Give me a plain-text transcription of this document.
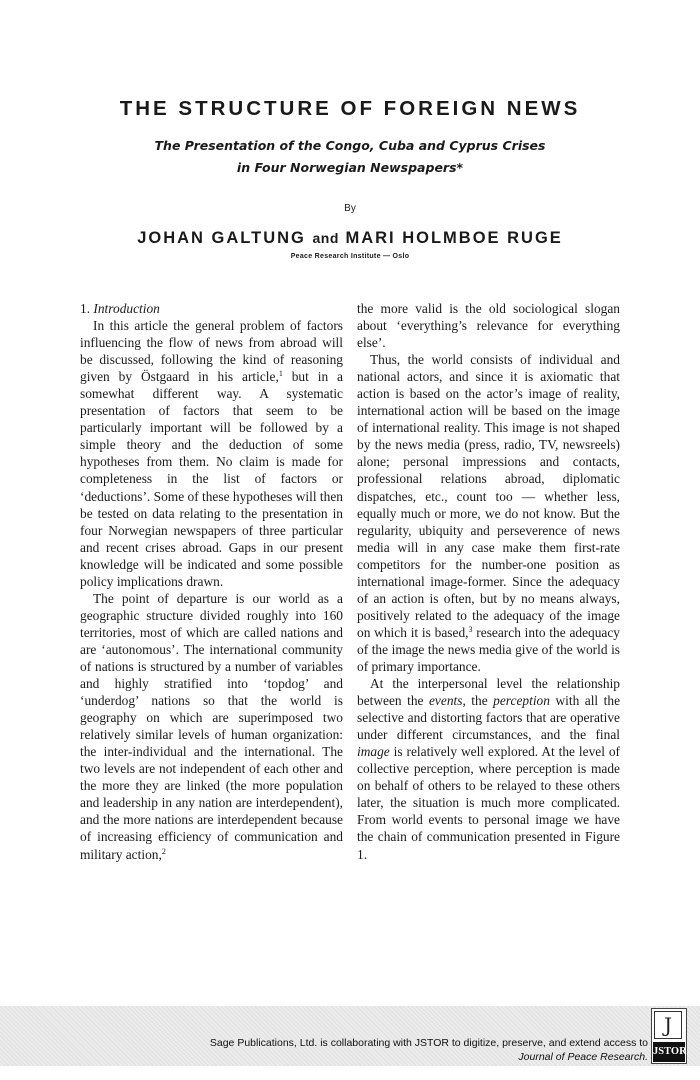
THE STRUCTURE OF FOREIGN NEWS
The Presentation of the Congo, Cuba and Cyprus Crises
in Four Norwegian Newspapers*
By
JOHAN GALTUNG and MARI HOLMBOE RUGE
Peace Research Institute — Oslo

1. Introduction

In this article the general problem of factors influencing the flow of news from abroad will be discussed, following the kind of reasoning given by Östgaard in his article,$^1$ but in a somewhat different way. A systematic presentation of factors that seem to be particularly important will be followed by a simple theory and the deduction of some hypotheses from them. No claim is made for completeness in the list of factors or ‘deductions’. Some of these hypotheses will then be tested on data relating to the presentation in four Norwegian newspapers of three particular and recent crises abroad. Gaps in our present knowledge will be indicated and some possible policy implications drawn.

The point of departure is our world as a geographic structure divided roughly into 160 territories, most of which are called nations and are ‘autonomous’. The international community of nations is structured by a number of variables and highly stratified into ‘topdog’ and ‘underdog’ nations so that the world is geography on which are superimposed two relatively similar levels of human organization: the inter-individual and the international. The two levels are not independent of each other and the more they are linked (the more population and leadership in any nation are interdependent), and the more nations are interdependent because of increasing efficiency of communication and military action,$^2$

the more valid is the old sociological slogan about ‘everything’s relevance for everything else’.

Thus, the world consists of individual and national actors, and since it is axiomatic that action is based on the actor’s image of reality, international action will be based on the image of international reality. This image is not shaped by the news media (press, radio, TV, newsreels) alone; personal impressions and contacts, professional relations abroad, diplomatic dispatches, etc., count too — whether less, equally much or more, we do not know. But the regularity, ubiquity and perseverence of news media will in any case make them first-rate competitors for the number-one position as international image-former. Since the adequacy of an action is often, but by no means always, positively related to the adequacy of the image on which it is based,$^3$ research into the adequacy of the image the news media give of the world is of primary importance.

At the interpersonal level the relationship between the events, the perception with all the selective and distorting factors that are operative under different circumstances, and the final image is relatively well explored. At the level of collective perception, where perception is made on behalf of others to be relayed to these others later, the situation is much more complicated. From world events to personal image we have the chain of communication presented in Figure 1.

Sage Publications, Ltd. is collaborating with JSTOR to digitize, preserve, and extend access to
Journal of Peace Research.
J
JSTOR
